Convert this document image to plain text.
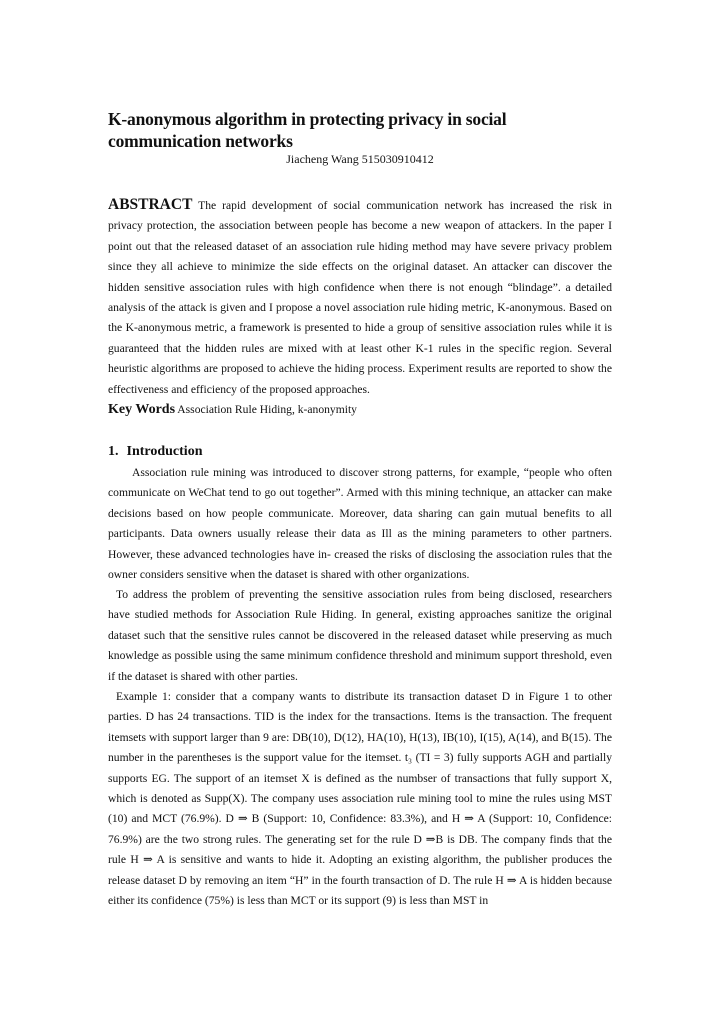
K-anonymous algorithm in protecting privacy in social communication networks
Jiacheng Wang 515030910412
ABSTRACT The rapid development of social communication network has increased the risk in privacy protection, the association between people has become a new weapon of attackers. In the paper I point out that the released dataset of an association rule hiding method may have severe privacy problem since they all achieve to minimize the side effects on the original dataset. An attacker can discover the hidden sensitive association rules with high confidence when there is not enough “blindage”. a detailed analysis of the attack is given and I propose a novel association rule hiding metric, K-anonymous. Based on the K-anonymous metric, a framework is presented to hide a group of sensitive association rules while it is guaranteed that the hidden rules are mixed with at least other K-1 rules in the specific region. Several heuristic algorithms are proposed to achieve the hiding process. Experiment results are reported to show the effectiveness and efficiency of the proposed approaches.
Key Words Association Rule Hiding, k-anonymity
1. Introduction
Association rule mining was introduced to discover strong patterns, for example, “people who often communicate on WeChat tend to go out together”. Armed with this mining technique, an attacker can make decisions based on how people communicate. Moreover, data sharing can gain mutual benefits to all participants. Data owners usually release their data as Ill as the mining parameters to other partners. However, these advanced technologies have in- creased the risks of disclosing the association rules that the owner considers sensitive when the dataset is shared with other organizations.
To address the problem of preventing the sensitive association rules from being disclosed, researchers have studied methods for Association Rule Hiding. In general, existing approaches sanitize the original dataset such that the sensitive rules cannot be discovered in the released dataset while preserving as much knowledge as possible using the same minimum confidence threshold and minimum support threshold, even if the dataset is shared with other parties.
Example 1: consider that a company wants to distribute its transaction dataset D in Figure 1 to other parties. D has 24 transactions. TID is the index for the transactions. Items is the transaction. The frequent itemsets with support larger than 9 are: DB(10), D(12), HA(10), H(13), IB(10), I(15), A(14), and B(15). The number in the parentheses is the support value for the itemset. t₃ (TI = 3) fully supports AGH and partially supports EG. The support of an itemset X is defined as the numbser of transactions that fully support X, which is denoted as Supp(X). The company uses association rule mining tool to mine the rules using MST (10) and MCT (76.9%). D ⇒ B (Support: 10, Confidence: 83.3%), and H ⇒ A (Support: 10, Confidence: 76.9%) are the two strong rules. The generating set for the rule D ⇒B is DB. The company finds that the rule H ⇒ A is sensitive and wants to hide it. Adopting an existing algorithm, the publisher produces the release dataset D by removing an item “H” in the fourth transaction of D. The rule H ⇒ A is hidden because either its confidence (75%) is less than MCT or its support (9) is less than MST in
